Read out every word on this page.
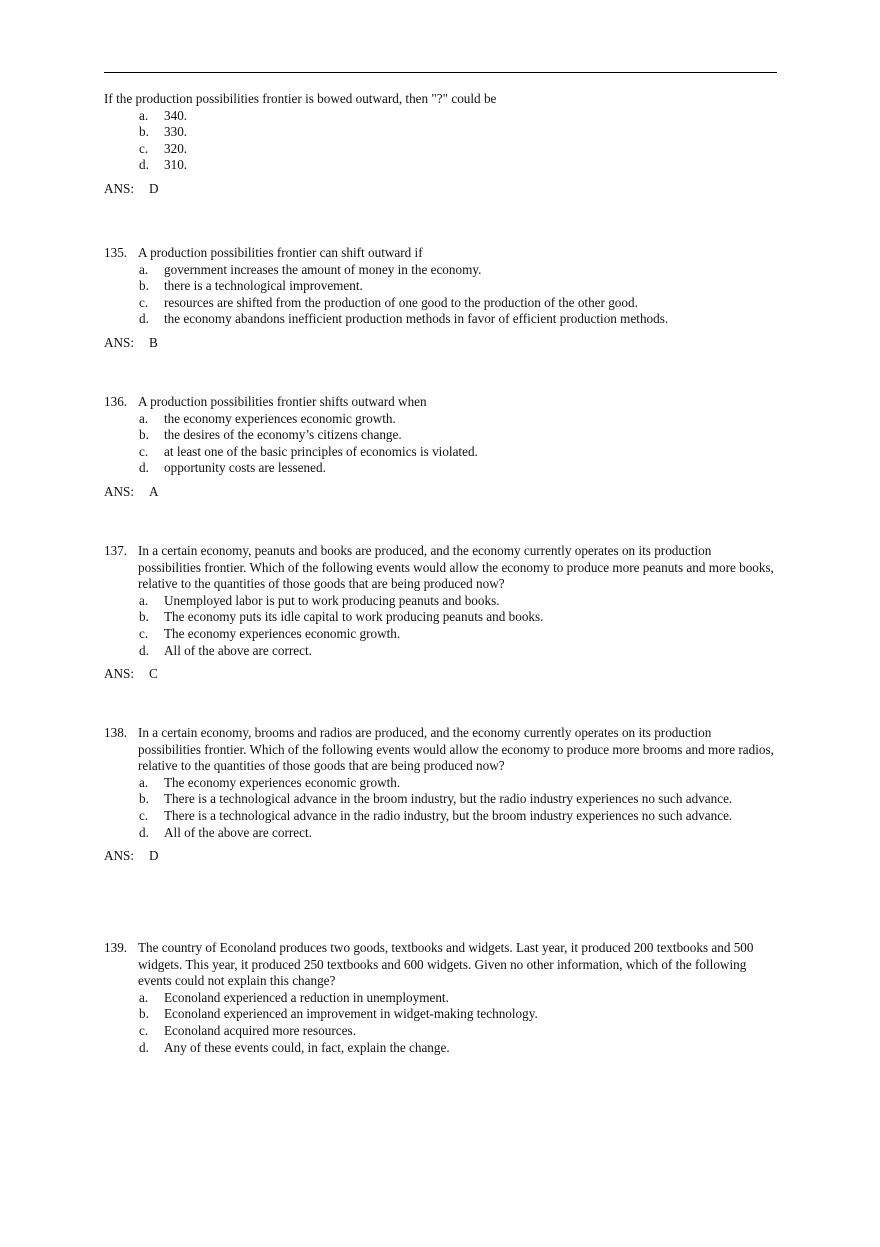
If the production possibilities frontier is bowed outward, then "?" could be
a. 340.
b. 330.
c. 320.
d. 310.
ANS: D
135. A production possibilities frontier can shift outward if
a. government increases the amount of money in the economy.
b. there is a technological improvement.
c. resources are shifted from the production of one good to the production of the other good.
d. the economy abandons inefficient production methods in favor of efficient production methods.
ANS: B
136. A production possibilities frontier shifts outward when
a. the economy experiences economic growth.
b. the desires of the economy’s citizens change.
c. at least one of the basic principles of economics is violated.
d. opportunity costs are lessened.
ANS: A
137. In a certain economy, peanuts and books are produced, and the economy currently operates on its production possibilities frontier. Which of the following events would allow the economy to produce more peanuts and more books, relative to the quantities of those goods that are being produced now?
a. Unemployed labor is put to work producing peanuts and books.
b. The economy puts its idle capital to work producing peanuts and books.
c. The economy experiences economic growth.
d. All of the above are correct.
ANS: C
138. In a certain economy, brooms and radios are produced, and the economy currently operates on its production possibilities frontier. Which of the following events would allow the economy to produce more brooms and more radios, relative to the quantities of those goods that are being produced now?
a. The economy experiences economic growth.
b. There is a technological advance in the broom industry, but the radio industry experiences no such advance.
c. There is a technological advance in the radio industry, but the broom industry experiences no such advance.
d. All of the above are correct.
ANS: D
139. The country of Econoland produces two goods, textbooks and widgets. Last year, it produced 200 textbooks and 500 widgets. This year, it produced 250 textbooks and 600 widgets. Given no other information, which of the following events could not explain this change?
a. Econoland experienced a reduction in unemployment.
b. Econoland experienced an improvement in widget-making technology.
c. Econoland acquired more resources.
d. Any of these events could, in fact, explain the change.
